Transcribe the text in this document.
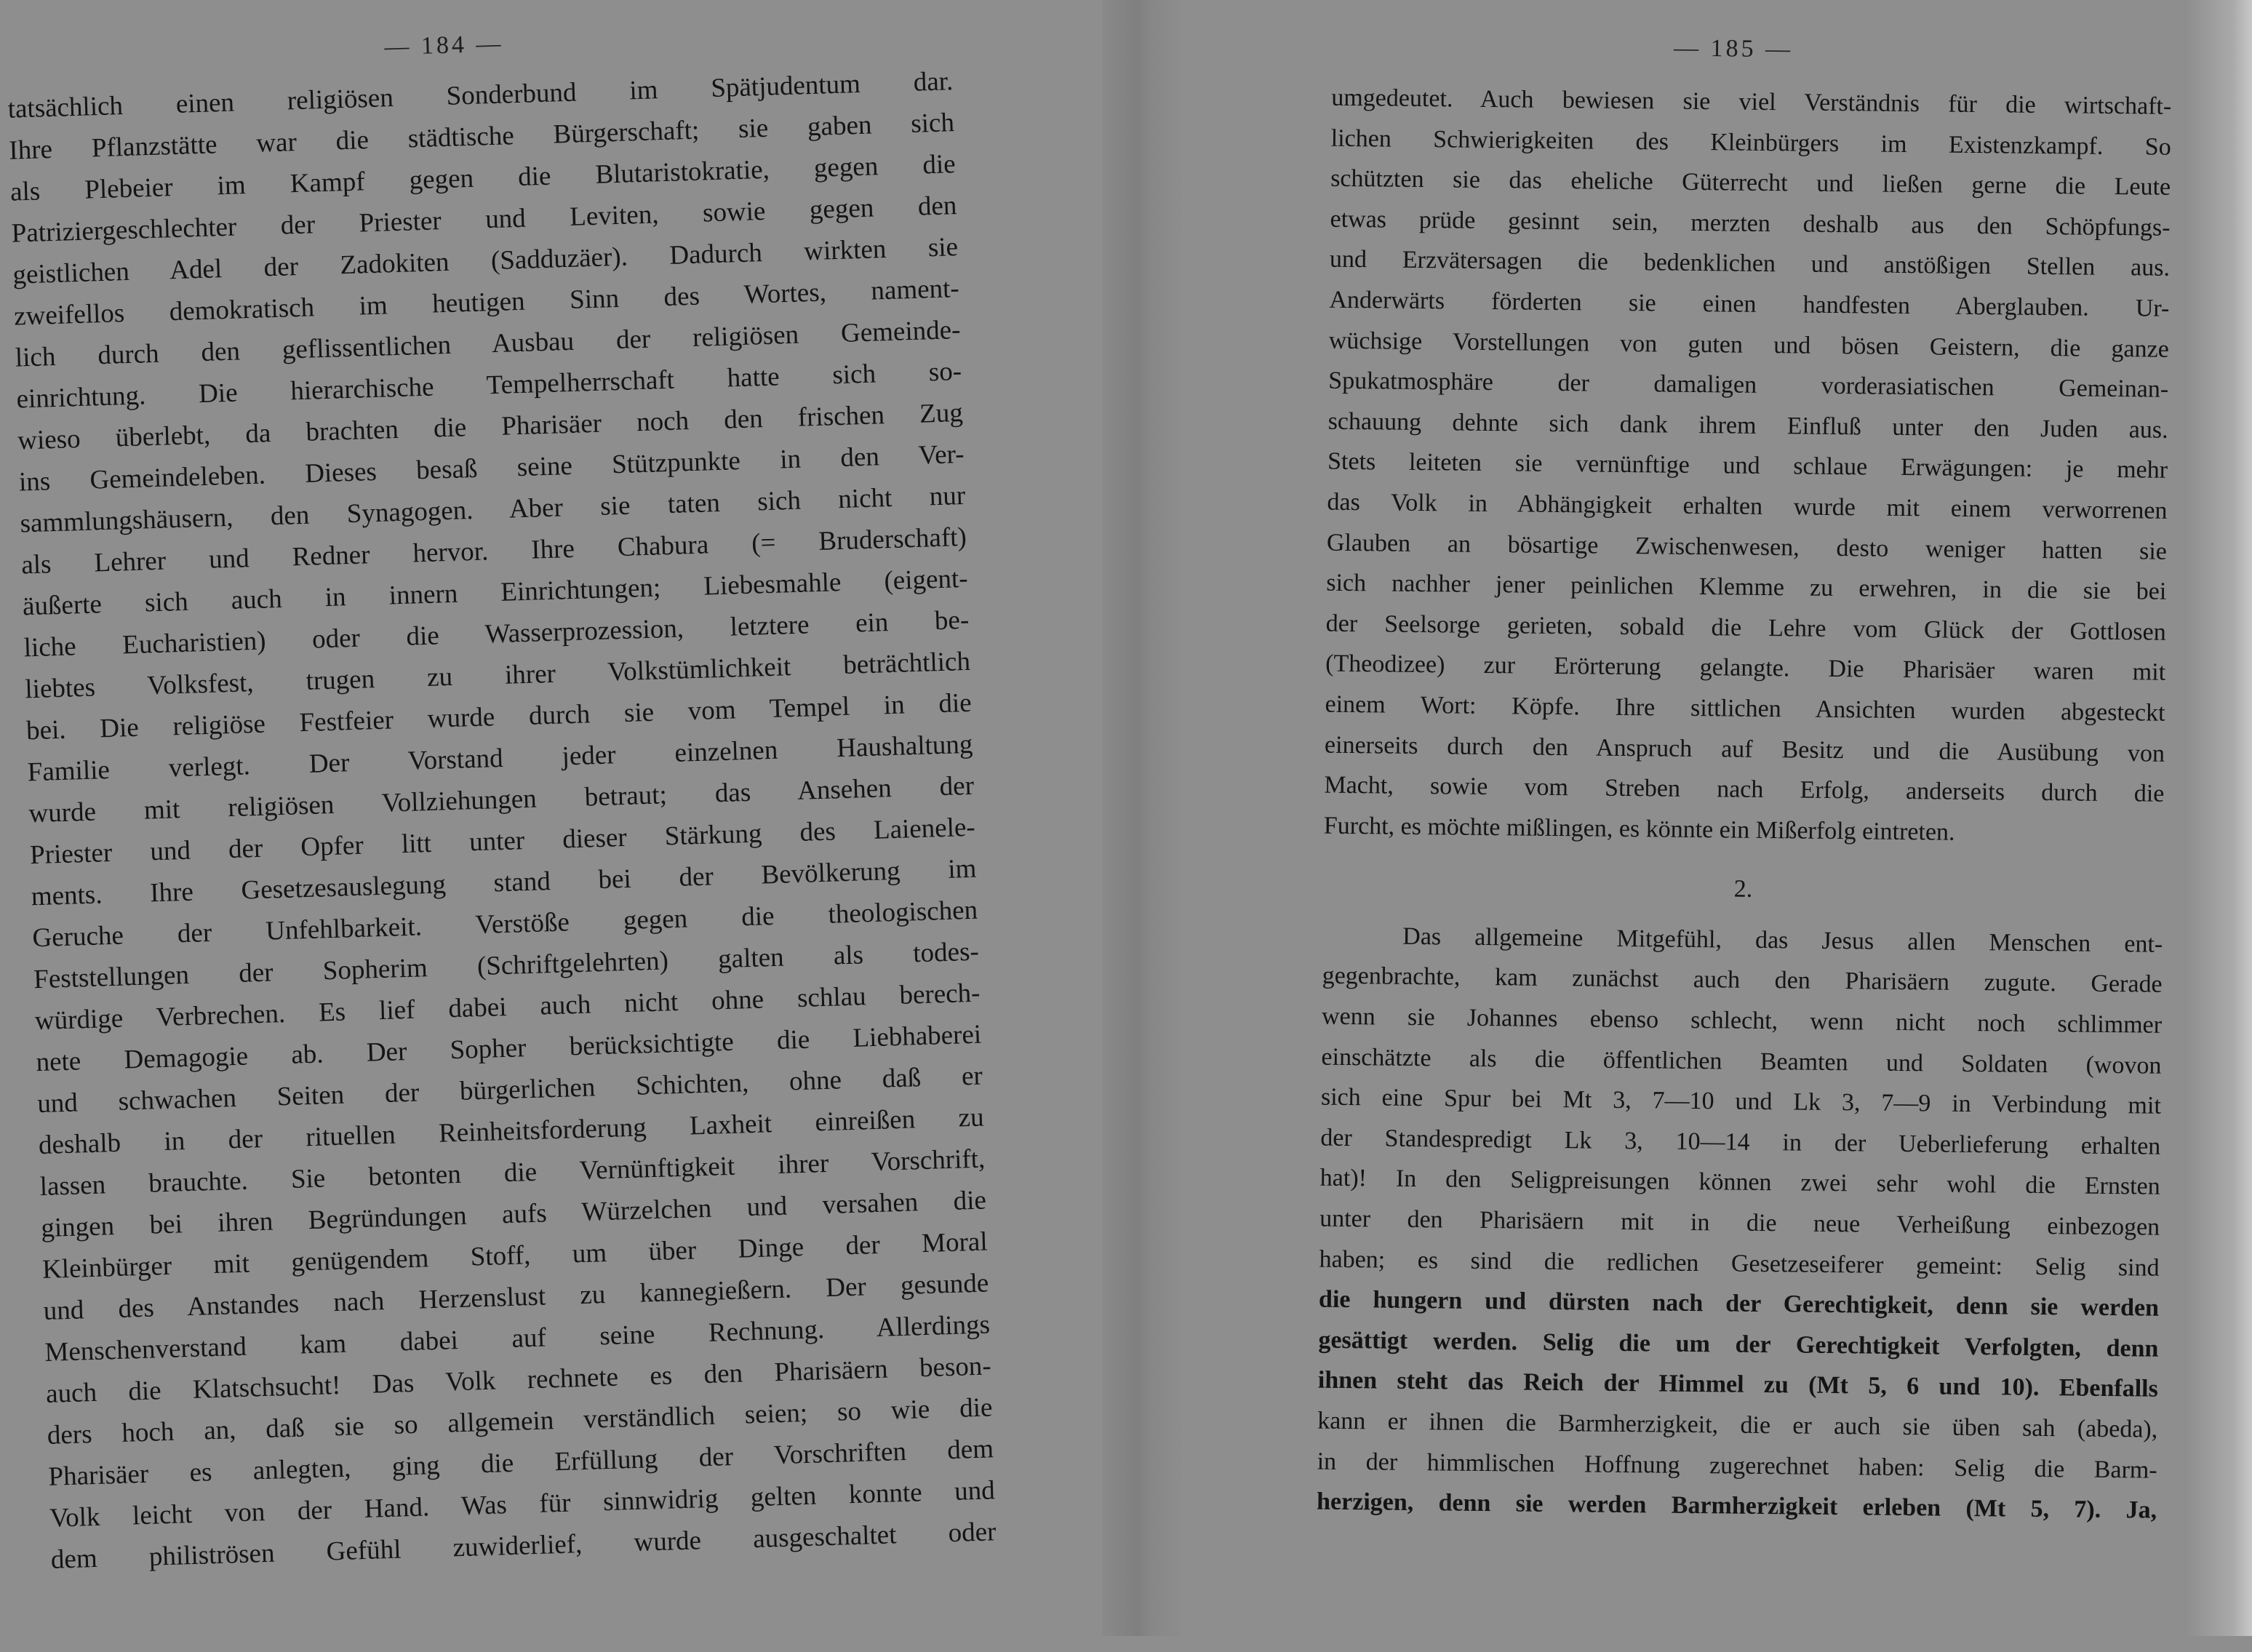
— 184 —
tatsächlich einen religiösen Sonderbund im Spätjudentum dar.
Ihre Pflanzstätte war die städtische Bürgerschaft; sie gaben sich
als Plebeier im Kampf gegen die Blutaristokratie, gegen die
Patriziergeschlechter der Priester und Leviten, sowie gegen den
geistlichen Adel der Zadokiten (Sadduzäer). Dadurch wirkten sie
zweifellos demokratisch im heutigen Sinn des Wortes, nament-
lich durch den geflissentlichen Ausbau der religiösen Gemeinde-
einrichtung. Die hierarchische Tempelherrschaft hatte sich so-
wieso überlebt, da brachten die Pharisäer noch den frischen Zug
ins Gemeindeleben. Dieses besaß seine Stützpunkte in den Ver-
sammlungshäusern, den Synagogen. Aber sie taten sich nicht nur
als Lehrer und Redner hervor. Ihre Chabura (= Bruderschaft)
äußerte sich auch in innern Einrichtungen; Liebesmahle (eigent-
liche Eucharistien) oder die Wasserprozession, letztere ein be-
liebtes Volksfest, trugen zu ihrer Volkstümlichkeit beträchtlich
bei. Die religiöse Festfeier wurde durch sie vom Tempel in die
Familie verlegt. Der Vorstand jeder einzelnen Haushaltung
wurde mit religiösen Vollziehungen betraut; das Ansehen der
Priester und der Opfer litt unter dieser Stärkung des Laienele-
ments. Ihre Gesetzesauslegung stand bei der Bevölkerung im
Geruche der Unfehlbarkeit. Verstöße gegen die theologischen
Feststellungen der Sopherim (Schriftgelehrten) galten als todes-
würdige Verbrechen. Es lief dabei auch nicht ohne schlau berech-
nete Demagogie ab. Der Sopher berücksichtigte die Liebhaberei
und schwachen Seiten der bürgerlichen Schichten, ohne daß er
deshalb in der rituellen Reinheitsforderung Laxheit einreißen zu
lassen brauchte. Sie betonten die Vernünftigkeit ihrer Vorschrift,
gingen bei ihren Begründungen aufs Würzelchen und versahen die
Kleinbürger mit genügendem Stoff, um über Dinge der Moral
und des Anstandes nach Herzenslust zu kannegießern. Der gesunde
Menschenverstand kam dabei auf seine Rechnung. Allerdings
auch die Klatschsucht! Das Volk rechnete es den Pharisäern beson-
ders hoch an, daß sie so allgemein verständlich seien; so wie die
Pharisäer es anlegten, ging die Erfüllung der Vorschriften dem
Volk leicht von der Hand. Was für sinnwidrig gelten konnte und
dem philiströsen Gefühl zuwiderlief, wurde ausgeschaltet oder
— 185 —
umgedeutet. Auch bewiesen sie viel Verständnis für die wirtschaft-
lichen Schwierigkeiten des Kleinbürgers im Existenzkampf. So
schützten sie das eheliche Güterrecht und ließen gerne die Leute
etwas prüde gesinnt sein, merzten deshalb aus den Schöpfungs-
und Erzvätersagen die bedenklichen und anstößigen Stellen aus.
Anderwärts förderten sie einen handfesten Aberglauben. Ur-
wüchsige Vorstellungen von guten und bösen Geistern, die ganze
Spukatmosphäre der damaligen vorderasiatischen Gemeinan-
schauung dehnte sich dank ihrem Einfluß unter den Juden aus.
Stets leiteten sie vernünftige und schlaue Erwägungen: je mehr
das Volk in Abhängigkeit erhalten wurde mit einem verworrenen
Glauben an bösartige Zwischenwesen, desto weniger hatten sie
sich nachher jener peinlichen Klemme zu erwehren, in die sie bei
der Seelsorge gerieten, sobald die Lehre vom Glück der Gottlosen
(Theodizee) zur Erörterung gelangte. Die Pharisäer waren mit
einem Wort: Köpfe. Ihre sittlichen Ansichten wurden abgesteckt
einerseits durch den Anspruch auf Besitz und die Ausübung von
Macht, sowie vom Streben nach Erfolg, anderseits durch die
Furcht, es möchte mißlingen, es könnte ein Mißerfolg eintreten.
2.
Das allgemeine Mitgefühl, das Jesus allen Menschen ent-
gegenbrachte, kam zunächst auch den Pharisäern zugute. Gerade
wenn sie Johannes ebenso schlecht, wenn nicht noch schlimmer
einschätzte als die öffentlichen Beamten und Soldaten (wovon
sich eine Spur bei Mt 3, 7—10 und Lk 3, 7—9 in Verbindung mit
der Standespredigt Lk 3, 10—14 in der Ueberlieferung erhalten
hat)! In den Seligpreisungen können zwei sehr wohl die Ernsten
unter den Pharisäern mit in die neue Verheißung einbezogen
haben; es sind die redlichen Gesetzeseiferer gemeint: Selig sind
die hungern und dürsten nach der Gerechtigkeit, denn sie werden
gesättigt werden. Selig die um der Gerechtigkeit Verfolgten, denn
ihnen steht das Reich der Himmel zu (Mt 5, 6 und 10). Ebenfalls
kann er ihnen die Barmherzigkeit, die er auch sie üben sah (abeda),
in der himmlischen Hoffnung zugerechnet haben: Selig die Barm-
herzigen, denn sie werden Barmherzigkeit erleben (Mt 5, 7). Ja,
